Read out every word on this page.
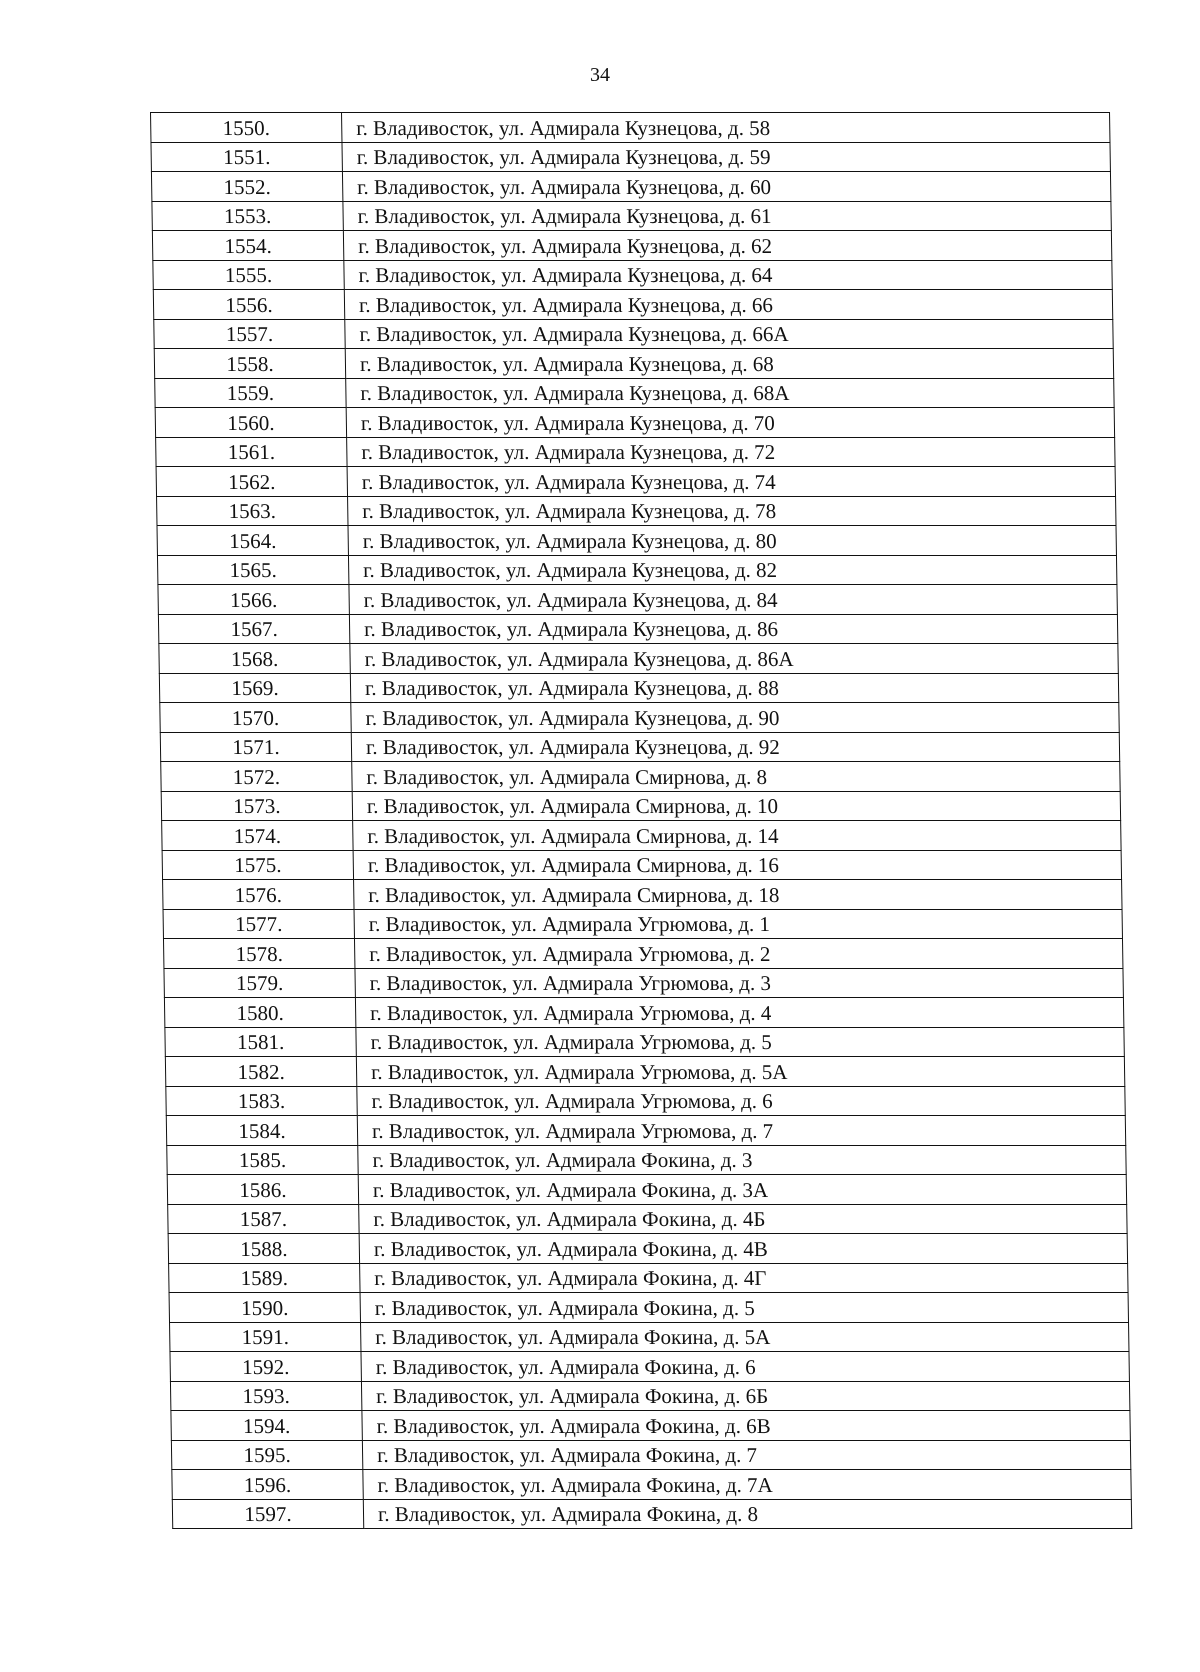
34
1550.	г. Владивосток, ул. Адмирала Кузнецова, д. 58
1551.	г. Владивосток, ул. Адмирала Кузнецова, д. 59
1552.	г. Владивосток, ул. Адмирала Кузнецова, д. 60
1553.	г. Владивосток, ул. Адмирала Кузнецова, д. 61
1554.	г. Владивосток, ул. Адмирала Кузнецова, д. 62
1555.	г. Владивосток, ул. Адмирала Кузнецова, д. 64
1556.	г. Владивосток, ул. Адмирала Кузнецова, д. 66
1557.	г. Владивосток, ул. Адмирала Кузнецова, д. 66А
1558.	г. Владивосток, ул. Адмирала Кузнецова, д. 68
1559.	г. Владивосток, ул. Адмирала Кузнецова, д. 68А
1560.	г. Владивосток, ул. Адмирала Кузнецова, д. 70
1561.	г. Владивосток, ул. Адмирала Кузнецова, д. 72
1562.	г. Владивосток, ул. Адмирала Кузнецова, д. 74
1563.	г. Владивосток, ул. Адмирала Кузнецова, д. 78
1564.	г. Владивосток, ул. Адмирала Кузнецова, д. 80
1565.	г. Владивосток, ул. Адмирала Кузнецова, д. 82
1566.	г. Владивосток, ул. Адмирала Кузнецова, д. 84
1567.	г. Владивосток, ул. Адмирала Кузнецова, д. 86
1568.	г. Владивосток, ул. Адмирала Кузнецова, д. 86А
1569.	г. Владивосток, ул. Адмирала Кузнецова, д. 88
1570.	г. Владивосток, ул. Адмирала Кузнецова, д. 90
1571.	г. Владивосток, ул. Адмирала Кузнецова, д. 92
1572.	г. Владивосток, ул. Адмирала Смирнова, д. 8
1573.	г. Владивосток, ул. Адмирала Смирнова, д. 10
1574.	г. Владивосток, ул. Адмирала Смирнова, д. 14
1575.	г. Владивосток, ул. Адмирала Смирнова, д. 16
1576.	г. Владивосток, ул. Адмирала Смирнова, д. 18
1577.	г. Владивосток, ул. Адмирала Угрюмова, д. 1
1578.	г. Владивосток, ул. Адмирала Угрюмова, д. 2
1579.	г. Владивосток, ул. Адмирала Угрюмова, д. 3
1580.	г. Владивосток, ул. Адмирала Угрюмова, д. 4
1581.	г. Владивосток, ул. Адмирала Угрюмова, д. 5
1582.	г. Владивосток, ул. Адмирала Угрюмова, д. 5А
1583.	г. Владивосток, ул. Адмирала Угрюмова, д. 6
1584.	г. Владивосток, ул. Адмирала Угрюмова, д. 7
1585.	г. Владивосток, ул. Адмирала Фокина, д. 3
1586.	г. Владивосток, ул. Адмирала Фокина, д. 3А
1587.	г. Владивосток, ул. Адмирала Фокина, д. 4Б
1588.	г. Владивосток, ул. Адмирала Фокина, д. 4В
1589.	г. Владивосток, ул. Адмирала Фокина, д. 4Г
1590.	г. Владивосток, ул. Адмирала Фокина, д. 5
1591.	г. Владивосток, ул. Адмирала Фокина, д. 5А
1592.	г. Владивосток, ул. Адмирала Фокина, д. 6
1593.	г. Владивосток, ул. Адмирала Фокина, д. 6Б
1594.	г. Владивосток, ул. Адмирала Фокина, д. 6В
1595.	г. Владивосток, ул. Адмирала Фокина, д. 7
1596.	г. Владивосток, ул. Адмирала Фокина, д. 7А
1597.	г. Владивосток, ул. Адмирала Фокина, д. 8
